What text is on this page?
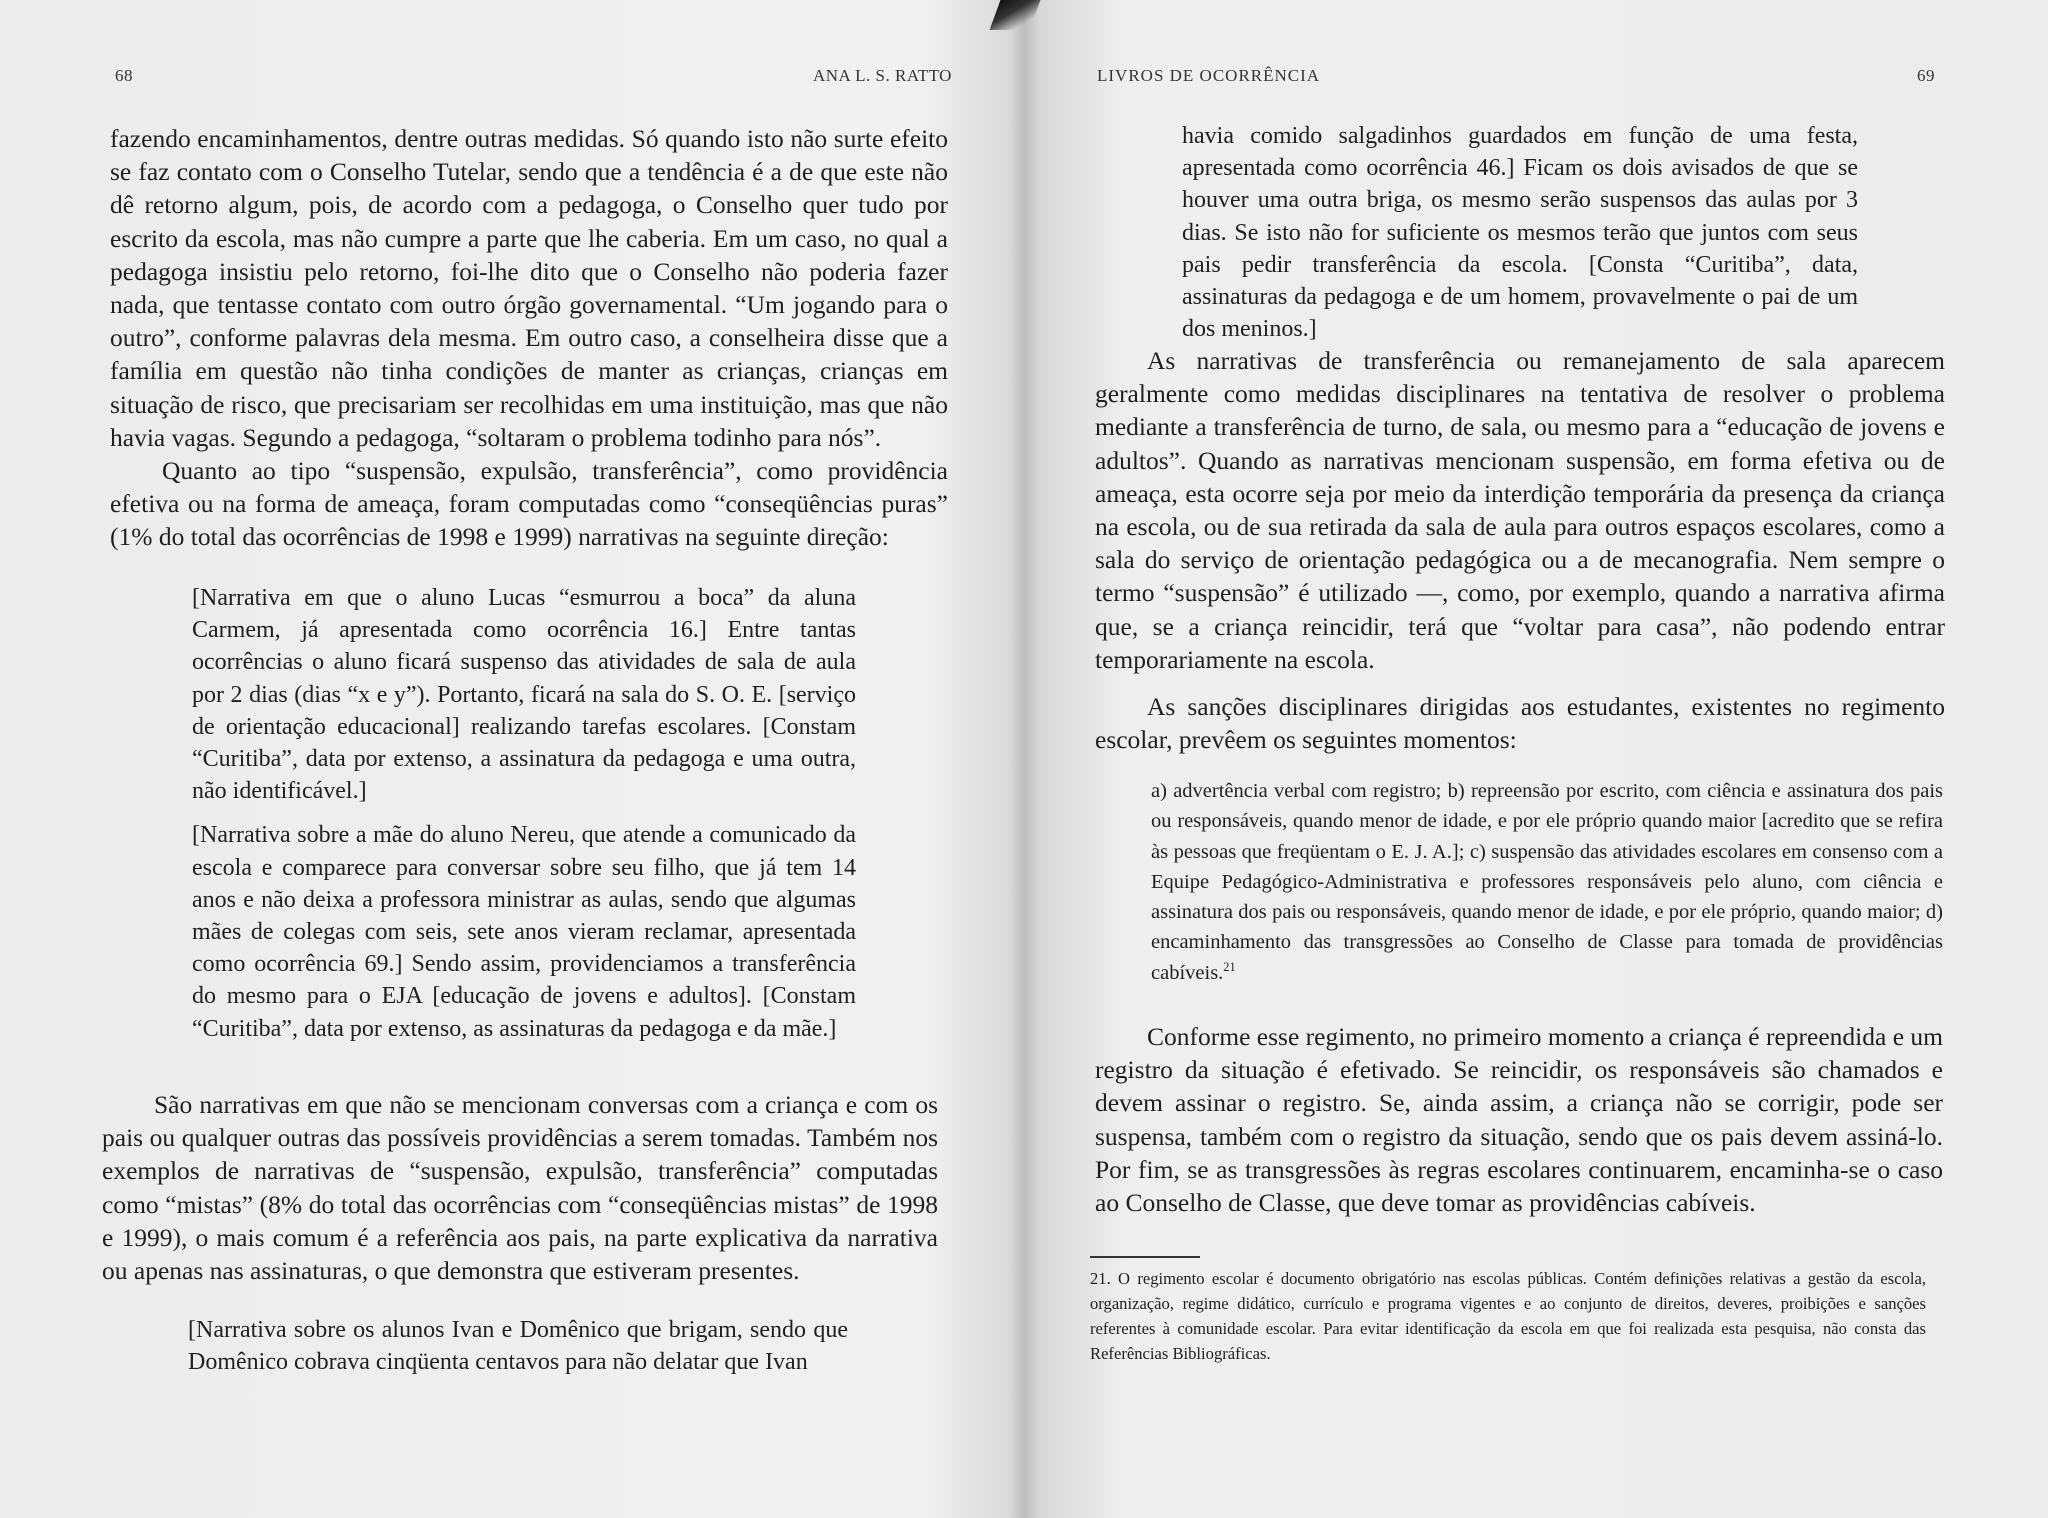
68	ANA L. S. RATTO

fazendo encaminhamentos, dentre outras medidas. Só quando isto não surte efeito se faz contato com o Conselho Tutelar, sendo que a tendência é a de que este não dê retorno algum, pois, de acordo com a pedagoga, o Conselho quer tudo por escrito da escola, mas não cumpre a parte que lhe caberia. Em um caso, no qual a pedagoga insistiu pelo retorno, foi-lhe dito que o Conselho não poderia fazer nada, que tentasse contato com outro órgão governamental. “Um jogando para o outro”, conforme palavras dela mesma. Em outro caso, a conselheira disse que a família em questão não tinha condições de manter as crianças, crianças em situação de risco, que precisariam ser recolhidas em uma instituição, mas que não havia vagas. Segundo a pedagoga, “soltaram o problema todinho para nós”.

Quanto ao tipo “suspensão, expulsão, transferência”, como providência efetiva ou na forma de ameaça, foram computadas como “conseqüências puras” (1% do total das ocorrências de 1998 e 1999) narrativas na seguinte direção:

[Narrativa em que o aluno Lucas “esmurrou a boca” da aluna Carmem, já apresentada como ocorrência 16.] Entre tantas ocorrências o aluno ficará suspenso das atividades de sala de aula por 2 dias (dias “x e y”). Portanto, ficará na sala do S. O. E. [serviço de orientação educacional] realizando tarefas escolares. [Constam “Curitiba”, data por extenso, a assinatura da pedagoga e uma outra, não identificável.]

[Narrativa sobre a mãe do aluno Nereu, que atende a comunicado da escola e comparece para conversar sobre seu filho, que já tem 14 anos e não deixa a professora ministrar as aulas, sendo que algumas mães de colegas com seis, sete anos vieram reclamar, apresentada como ocorrência 69.] Sendo assim, providenciamos a transferência do mesmo para o EJA [educação de jovens e adultos]. [Constam “Curitiba”, data por extenso, as assinaturas da pedagoga e da mãe.]

São narrativas em que não se mencionam conversas com a criança e com os pais ou qualquer outras das possíveis providências a serem tomadas. Também nos exemplos de narrativas de “suspensão, expulsão, transferência” computadas como “mistas” (8% do total das ocorrências com “conseqüências mistas” de 1998 e 1999), o mais comum é a referência aos pais, na parte explicativa da narrativa ou apenas nas assinaturas, o que demonstra que estiveram presentes.

[Narrativa sobre os alunos Ivan e Domênico que brigam, sendo que Domênico cobrava cinqüenta centavos para não delatar que Ivan

LIVROS DE OCORRÊNCIA	69

havia comido salgadinhos guardados em função de uma festa, apresentada como ocorrência 46.] Ficam os dois avisados de que se houver uma outra briga, os mesmo serão suspensos das aulas por 3 dias. Se isto não for suficiente os mesmos terão que juntos com seus pais pedir transferência da escola. [Consta “Curitiba”, data, assinaturas da pedagoga e de um homem, provavelmente o pai de um dos meninos.]

As narrativas de transferência ou remanejamento de sala aparecem geralmente como medidas disciplinares na tentativa de resolver o problema mediante a transferência de turno, de sala, ou mesmo para a “educação de jovens e adultos”. Quando as narrativas mencionam suspensão, em forma efetiva ou de ameaça, esta ocorre seja por meio da interdição temporária da presença da criança na escola, ou de sua retirada da sala de aula para outros espaços escolares, como a sala do serviço de orientação pedagógica ou a de mecanografia. Nem sempre o termo “suspensão” é utilizado —, como, por exemplo, quando a narrativa afirma que, se a criança reincidir, terá que “voltar para casa”, não podendo entrar temporariamente na escola.

As sanções disciplinares dirigidas aos estudantes, existentes no regimento escolar, prevêem os seguintes momentos:

a) advertência verbal com registro; b) repreensão por escrito, com ciência e assinatura dos pais ou responsáveis, quando menor de idade, e por ele próprio quando maior [acredito que se refira às pessoas que freqüentam o E. J. A.]; c) suspensão das atividades escolares em consenso com a Equipe Pedagógico-Administrativa e professores responsáveis pelo aluno, com ciência e assinatura dos pais ou responsáveis, quando menor de idade, e por ele próprio, quando maior; d) encaminhamento das transgressões ao Conselho de Classe para tomada de providências cabíveis.$^{21}$

Conforme esse regimento, no primeiro momento a criança é repreendida e um registro da situação é efetivado. Se reincidir, os responsáveis são chamados e devem assinar o registro. Se, ainda assim, a criança não se corrigir, pode ser suspensa, também com o registro da situação, sendo que os pais devem assiná-lo. Por fim, se as transgressões às regras escolares continuarem, encaminha-se o caso ao Conselho de Classe, que deve tomar as providências cabíveis.

21. O regimento escolar é documento obrigatório nas escolas públicas. Contém definições relativas a gestão da escola, organização, regime didático, currículo e programa vigentes e ao conjunto de direitos, deveres, proibições e sanções referentes à comunidade escolar. Para evitar identificação da escola em que foi realizada esta pesquisa, não consta das Referências Bibliográficas.
